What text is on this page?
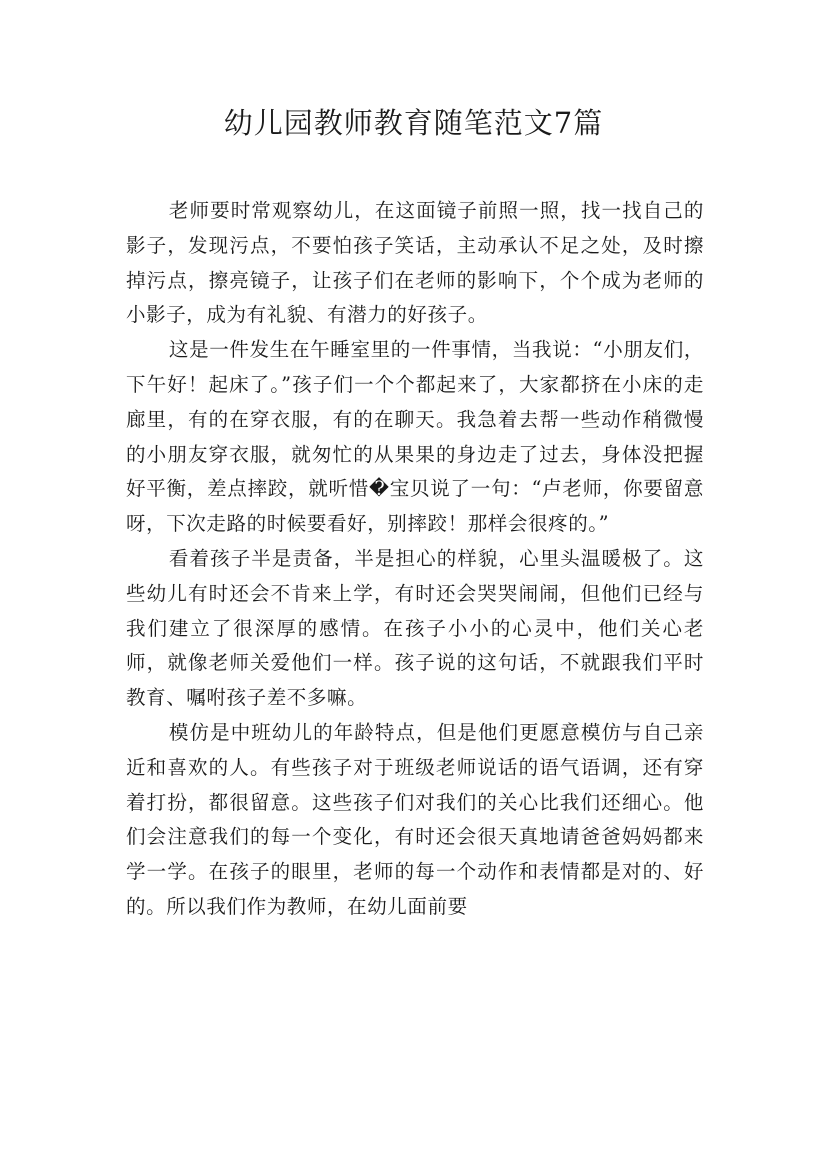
幼儿园教师教育随笔范文7篇

老师要时常观察幼儿，在这面镜子前照一照，找一找自己的影子，发现污点，不要怕孩子笑话，主动承认不足之处，及时擦掉污点，擦亮镜子，让孩子们在老师的影响下，个个成为老师的小影子，成为有礼貌、有潜力的好孩子。

这是一件发生在午睡室里的一件事情，当我说：“小朋友们，下午好！起床了。”孩子们一个个都起来了，大家都挤在小床的走廊里，有的在穿衣服，有的在聊天。我急着去帮一些动作稍微慢的小朋友穿衣服，就匆忙的从果果的身边走了过去，身体没把握好平衡，差点摔跤，就听惜�宝贝说了一句：“卢老师，你要留意呀，下次走路的时候要看好，别摔跤！那样会很疼的。”

看着孩子半是责备，半是担心的样貌，心里头温暖极了。这些幼儿有时还会不肯来上学，有时还会哭哭闹闹，但他们已经与我们建立了很深厚的感情。在孩子小小的心灵中，他们关心老师，就像老师关爱他们一样。孩子说的这句话，不就跟我们平时教育、嘱咐孩子差不多嘛。

模仿是中班幼儿的年龄特点，但是他们更愿意模仿与自己亲近和喜欢的人。有些孩子对于班级老师说话的语气语调，还有穿着打扮，都很留意。这些孩子们对我们的关心比我们还细心。他们会注意我们的每一个变化，有时还会很天真地请爸爸妈妈都来学一学。在孩子的眼里，老师的每一个动作和表情都是对的、好的。所以我们作为教师，在幼儿面前要
